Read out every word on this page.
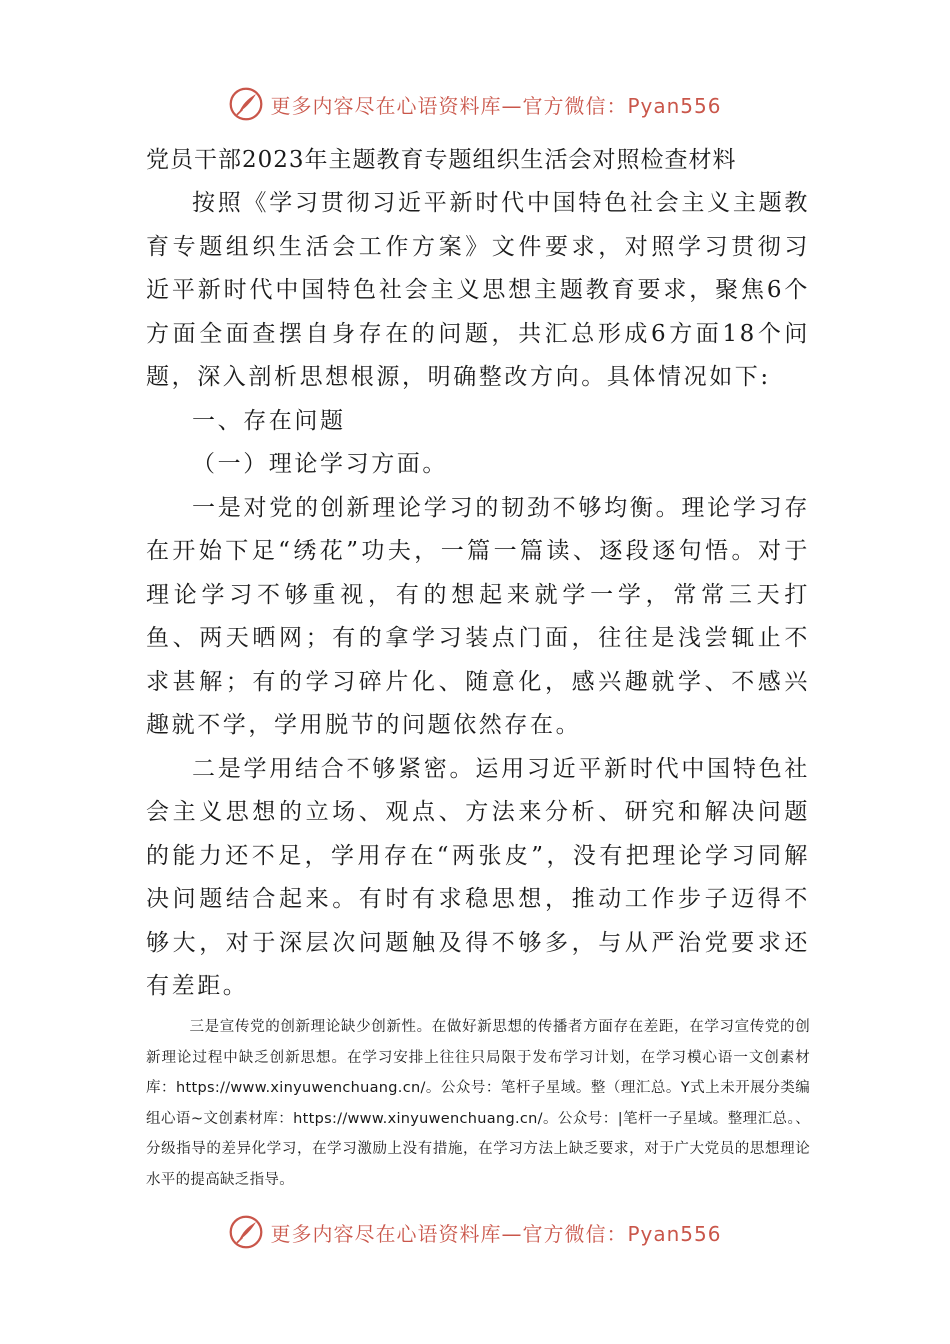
更多内容尽在心语资料库—官方微信：Pyan556

党员干部2023年主题教育专题组织生活会对照检查材料

按照《学习贯彻习近平新时代中国特色社会主义主题教育专题组织生活会工作方案》文件要求，对照学习贯彻习近平新时代中国特色社会主义思想主题教育要求，聚焦6个方面全面查摆自身存在的问题，共汇总形成6方面18个问题，深入剖析思想根源，明确整改方向。具体情况如下:

一、存在问题

（一）理论学习方面。

一是对党的创新理论学习的韧劲不够均衡。理论学习存在开始下足“绣花”功夫，一篇一篇读、逐段逐句悟。对于理论学习不够重视，有的想起来就学一学，常常三天打鱼、两天晒网；有的拿学习装点门面，往往是浅尝辄止不求甚解；有的学习碎片化、随意化，感兴趣就学、不感兴趣就不学，学用脱节的问题依然存在。

二是学用结合不够紧密。运用习近平新时代中国特色社会主义思想的立场、观点、方法来分析、研究和解决问题的能力还不足，学用存在“两张皮”，没有把理论学习同解决问题结合起来。有时有求稳思想，推动工作步子迈得不够大，对于深层次问题触及得不够多，与从严治党要求还有差距。

三是宣传党的创新理论缺少创新性。在做好新思想的传播者方面存在差距，在学习宣传党的创新理论过程中缺乏创新思想。在学习安排上往往只局限于发布学习计划，在学习模心语一文创素材库：https://www.xinyuwenchuang.cn/。公众号：笔杆子星域。整（理汇总。Y式上未开展分类编组心语~文创素材库：https://www.xinyuwenchuang.cn/。公众号：|笔杆一子星域。整理汇总。、分级指导的差异化学习，在学习激励上没有措施，在学习方法上缺乏要求，对于广大党员的思想理论水平的提高缺乏指导。

更多内容尽在心语资料库—官方微信：Pyan556
